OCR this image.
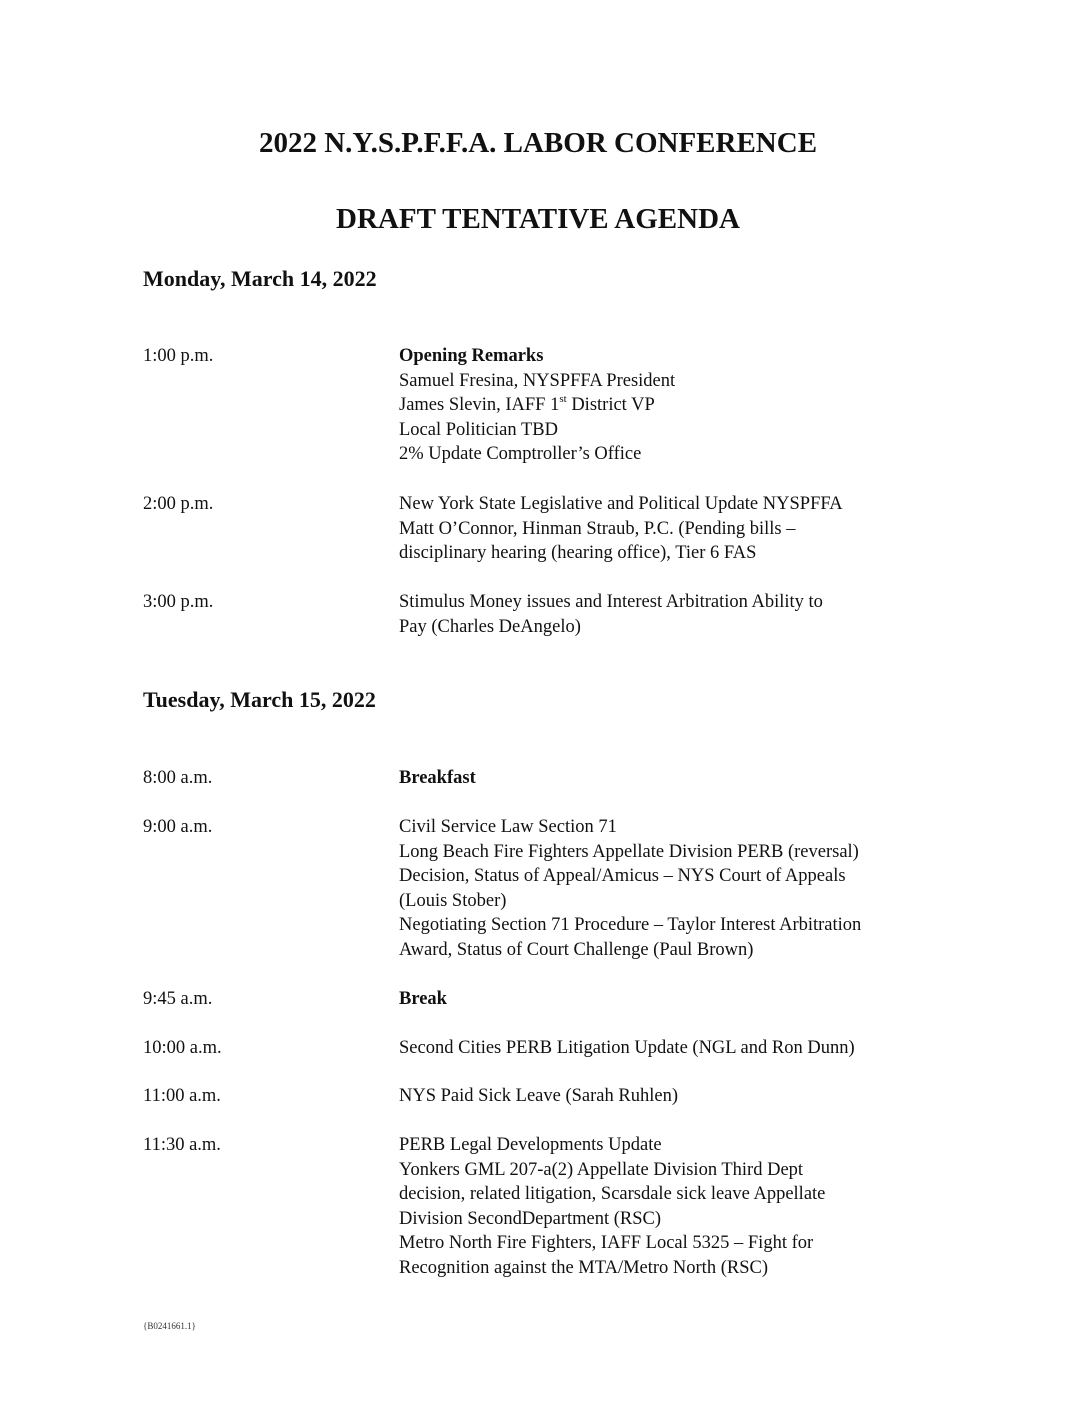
2022 N.Y.S.P.F.F.A. LABOR CONFERENCE
DRAFT TENTATIVE AGENDA
Monday, March 14, 2022
1:00 p.m.	Opening Remarks
Samuel Fresina, NYSPFFA President
James Slevin, IAFF 1st District VP
Local Politician TBD
2% Update Comptroller’s Office
2:00 p.m.	New York State Legislative and Political Update NYSPFFA
Matt O’Connor, Hinman Straub, P.C. (Pending bills –
disciplinary hearing (hearing office), Tier 6 FAS
3:00 p.m.	Stimulus Money issues and Interest Arbitration Ability to
Pay (Charles DeAngelo)
Tuesday, March 15, 2022
8:00 a.m.	Breakfast
9:00 a.m.	Civil Service Law Section 71
Long Beach Fire Fighters Appellate Division PERB (reversal)
Decision, Status of Appeal/Amicus – NYS Court of Appeals
(Louis Stober)
Negotiating Section 71 Procedure – Taylor Interest Arbitration
Award, Status of Court Challenge (Paul Brown)
9:45 a.m.	Break
10:00 a.m.	Second Cities PERB Litigation Update (NGL and Ron Dunn)
11:00 a.m.	NYS Paid Sick Leave (Sarah Ruhlen)
11:30 a.m.	PERB Legal Developments Update
Yonkers GML 207-a(2) Appellate Division Third Dept
decision, related litigation, Scarsdale sick leave Appellate
Division SecondDepartment (RSC)
Metro North Fire Fighters, IAFF Local 5325 – Fight for
Recognition against the MTA/Metro North (RSC)
{B0241661.1}
